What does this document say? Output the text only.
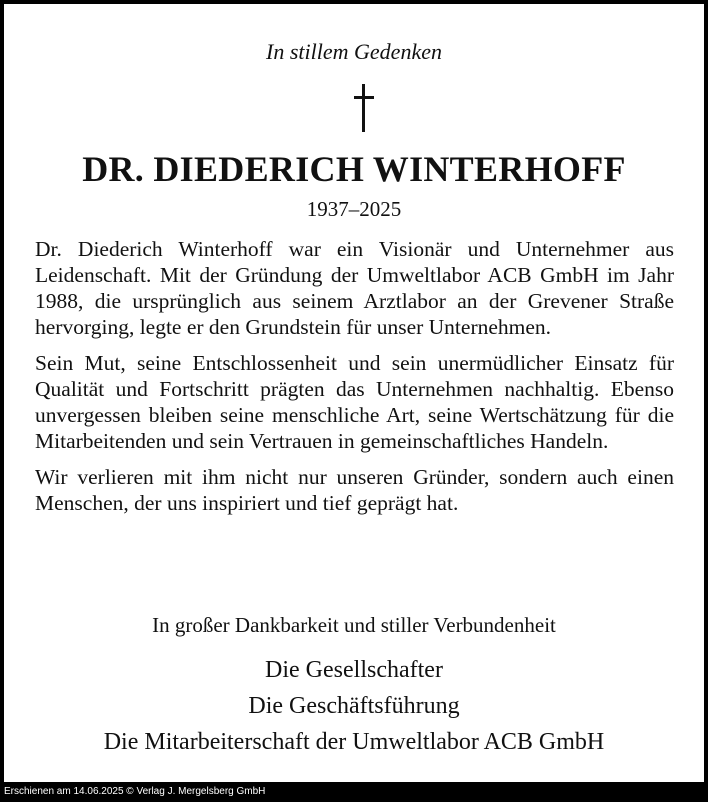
In stillem Gedenken
DR. DIEDERICH WINTERHOFF
1937–2025

Dr. Diederich Winterhoff war ein Visionär und Unternehmer aus Leidenschaft. Mit der Gründung der Umweltlabor ACB GmbH im Jahr 1988, die ursprünglich aus seinem Arztlabor an der Grevener Straße hervorging, legte er den Grundstein für unser Unternehmen.

Sein Mut, seine Entschlossenheit und sein unermüdlicher Einsatz für Qualität und Fortschritt prägten das Unternehmen nachhaltig. Ebenso unvergessen bleiben seine menschliche Art, seine Wertschätzung für die Mitarbeitenden und sein Vertrauen in gemeinschaftliches Handeln.

Wir verlieren mit ihm nicht nur unseren Gründer, sondern auch einen Menschen, der uns inspiriert und tief geprägt hat.

In großer Dankbarkeit und stiller Verbundenheit
Die Gesellschafter
Die Geschäftsführung
Die Mitarbeiterschaft der Umweltlabor ACB GmbH
Erschienen am 14.06.2025 © Verlag J. Mergelsberg GmbH
